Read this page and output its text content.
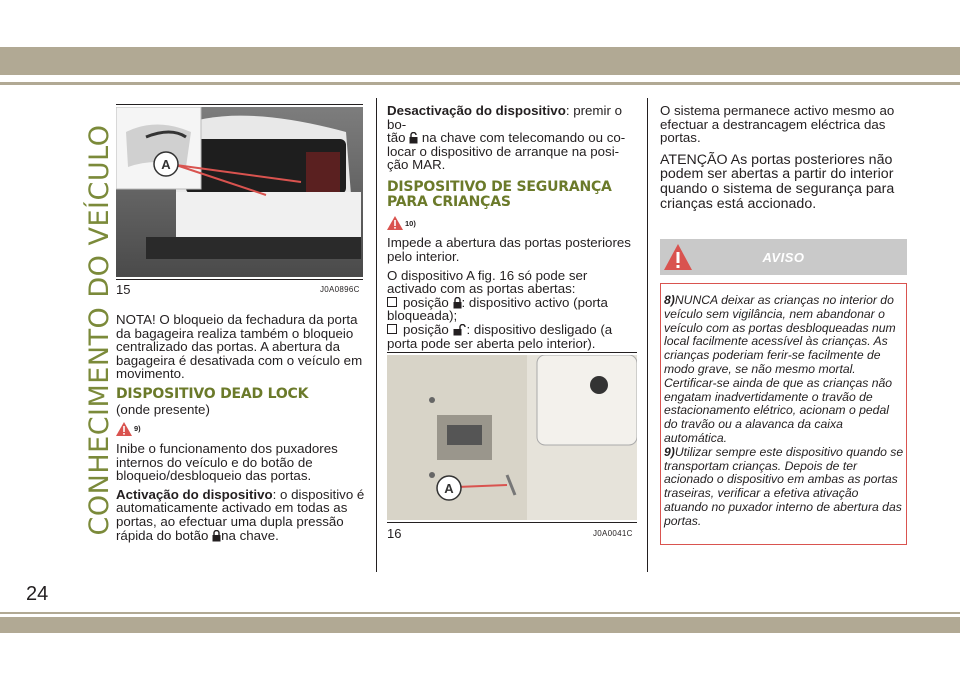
CONHECIMENTO DO VEÍCULO
24
A
15	J0A0896C

NOTA! O bloqueio da fechadura da porta da bagageira realiza também o bloqueio centralizado das portas. A abertura da bagageira é desativada com o veículo em movimento.

DISPOSITIVO DEAD LOCK

(onde presente)

9)

Inibe o funcionamento dos puxadores internos do veículo e do botão de bloqueio/desbloqueio das portas.

Activação do dispositivo: o dispositivo é automaticamente activado em todas as portas, ao efectuar uma dupla pressão rápida do botão na chave.

Desactivação do dispositivo: premir o bo-
tão na chave com telecomando ou co-
locar o dispositivo de arranque na posi-
ção MAR.

DISPOSITIVO DE SEGURANÇA
PARA CRIANÇAS

10)

Impede a abertura das portas posteriores pelo interior.

O dispositivo A fig. 16 só pode ser activado com as portas abertas:

posição : dispositivo activo (porta bloqueada);

posição : dispositivo desligado (a porta pode ser aberta pelo interior).

A
16	J0A0041C

O sistema permanece activo mesmo ao efectuar a destrancagem eléctrica das portas.

ATENÇÃO As portas posteriores não podem ser abertas a partir do interior quando o sistema de segurança para crianças está accionado.

AVISO

8)NUNCA deixar as crianças no interior do veículo sem vigilância, nem abandonar o veículo com as portas desbloqueadas num local facilmente acessível às crianças. As crianças poderiam ferir-se facilmente de modo grave, se não mesmo mortal. Certificar-se ainda de que as crianças não engatam inadvertidamente o travão de estacionamento elétrico, acionam o pedal do travão ou a alavanca da caixa automática.

9)Utilizar sempre este dispositivo quando se transportam crianças. Depois de ter acionado o dispositivo em ambas as portas traseiras, verificar a efetiva ativação atuando no puxador interno de abertura das portas.
